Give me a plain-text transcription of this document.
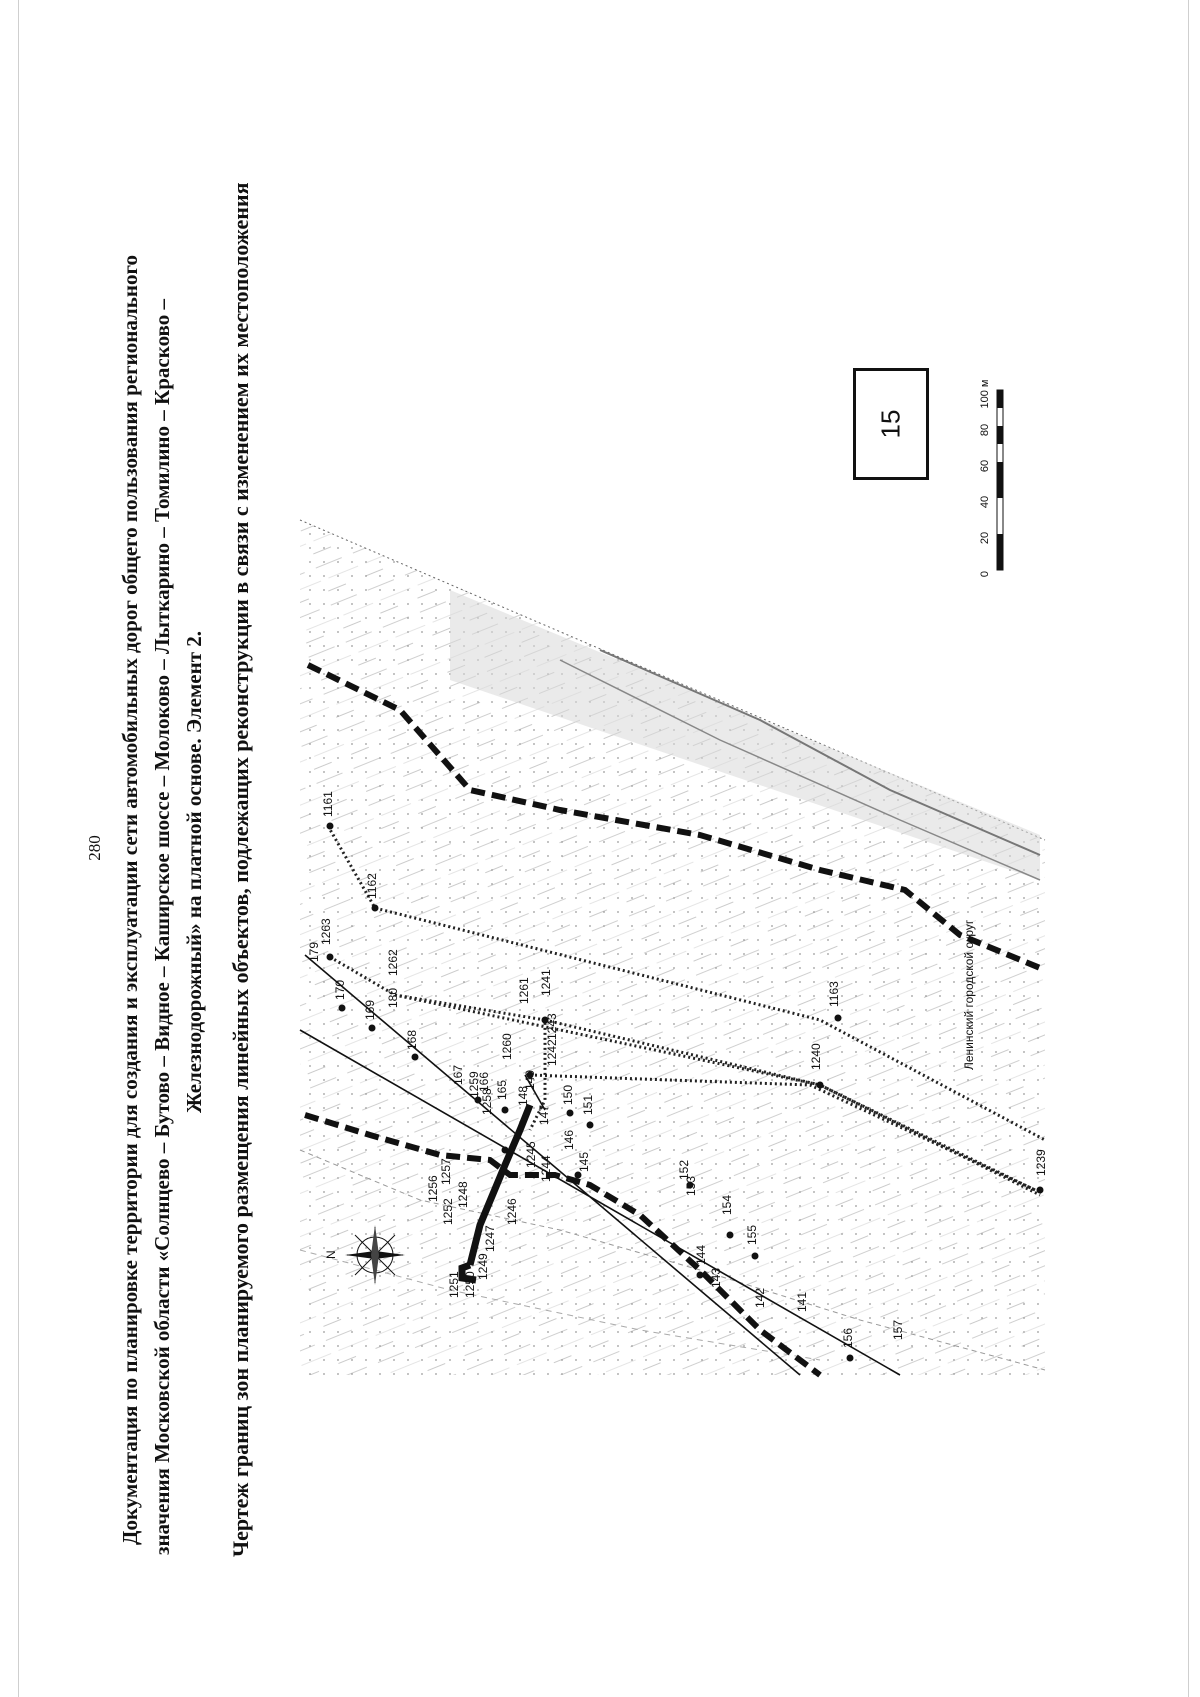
280 Документация по планировке территории для создания и эксплуатации сети автомобильных дорог общего пользования регионального значения Московской области «Солнцево – Бутово – Видное – Каширское шоссе – Молоково – Лыткарино – Томилино – Красково – Железнодорожный» на платной основе. Элемент 2. Чертеж границ зон планируемого размещения линейных объектов, подлежащих реконструкции в связи с изменением их местоположения	15
N
1161
1162
1263
179
170
169
180
1262
168
167 166 165
1259
1258
1260
1261 1241
1242
1243
148
149
150 151
147
146
145
1257
1256
1252
1248
1245
1244
1246
1247
1249
1251 1250
152
153
154
155
144
143
142 141
156	157
1163
1240
1239
Ленинский городской округ
0
20
40
60
80
100 м
